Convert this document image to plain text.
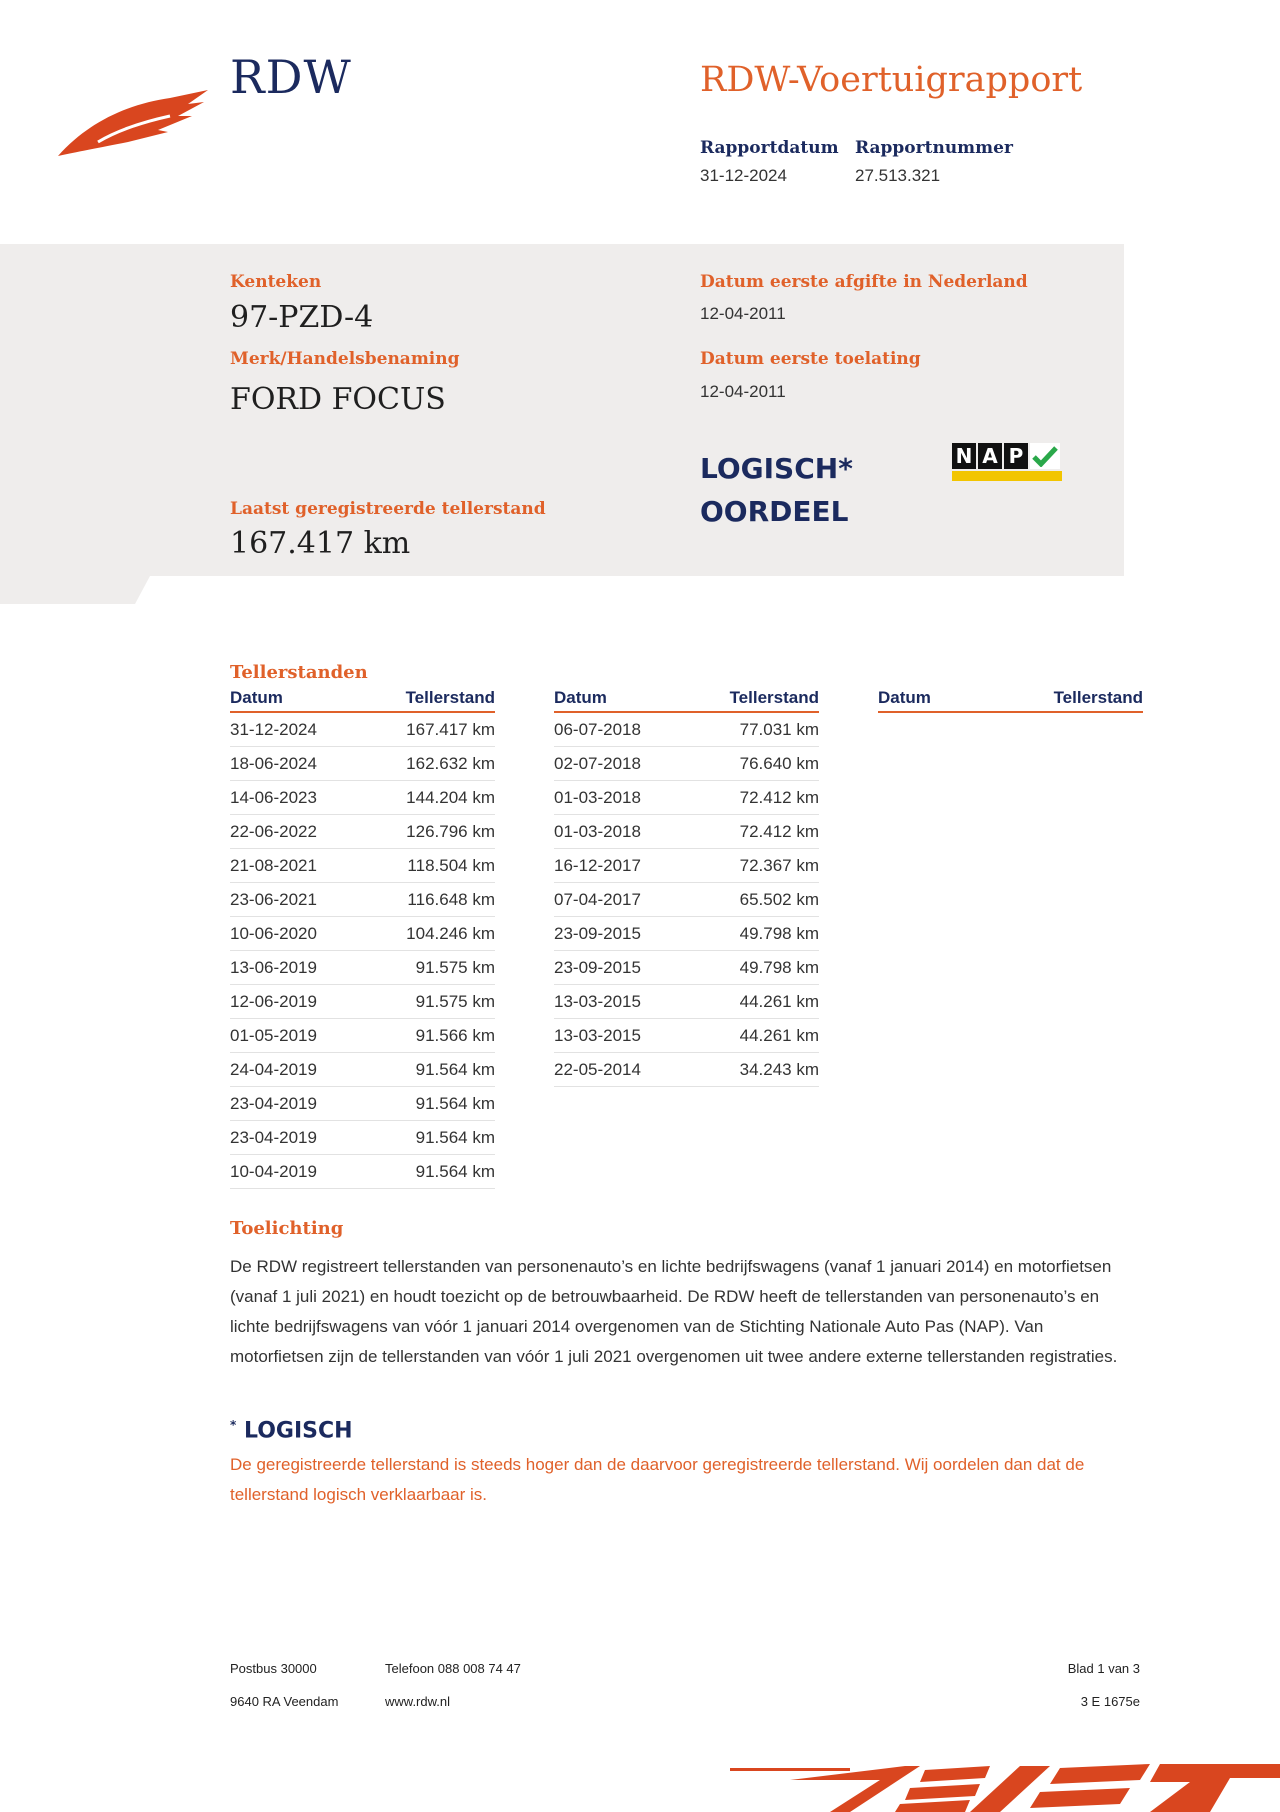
RDW	RDW-Voertuigrapport
Rapportdatum
31-12-2024
Rapportnummer
27.513.321
Kenteken
97-PZD-4
Merk/Handelsbenaming
FORD FOCUS
Laatst geregistreerde tellerstand
167.417 km
Datum eerste afgifte in Nederland
12-04-2011
Datum eerste toelating
12-04-2011
LOGISCH*
OORDEEL
N A P
Tellerstanden
Datum	Tellerstand
31-12-2024	167.417 km
18-06-2024	162.632 km
14-06-2023	144.204 km
22-06-2022	126.796 km
21-08-2021	118.504 km
23-06-2021	116.648 km
10-06-2020	104.246 km
13-06-2019	91.575 km
12-06-2019	91.575 km
01-05-2019	91.566 km
24-04-2019	91.564 km
23-04-2019	91.564 km
23-04-2019	91.564 km
10-04-2019	91.564 km
Datum	Tellerstand
06-07-2018	77.031 km
02-07-2018	76.640 km
01-03-2018	72.412 km
01-03-2018	72.412 km
16-12-2017	72.367 km
07-04-2017	65.502 km
23-09-2015	49.798 km
23-09-2015	49.798 km
13-03-2015	44.261 km
13-03-2015	44.261 km
22-05-2014	34.243 km
Datum	Tellerstand
Toelichting
De RDW registreert tellerstanden van personenauto’s en lichte bedrijfswagens (vanaf 1 januari 2014) en motorfietsen (vanaf 1 juli 2021) en houdt toezicht op de betrouwbaarheid. De RDW heeft de tellerstanden van personenauto’s en lichte bedrijfswagens van vóór 1 januari 2014 overgenomen van de Stichting Nationale Auto Pas (NAP). Van motorfietsen zijn de tellerstanden van vóór 1 juli 2021 overgenomen uit twee andere externe tellerstanden registraties.
* LOGISCH
De geregistreerde tellerstand is steeds hoger dan de daarvoor geregistreerde tellerstand. Wij oordelen dan dat de tellerstand logisch verklaarbaar is.
Postbus 30000
9640 RA Veendam
Telefoon 088 008 74 47
www.rdw.nl
Blad 1 van 3
3 E 1675e
